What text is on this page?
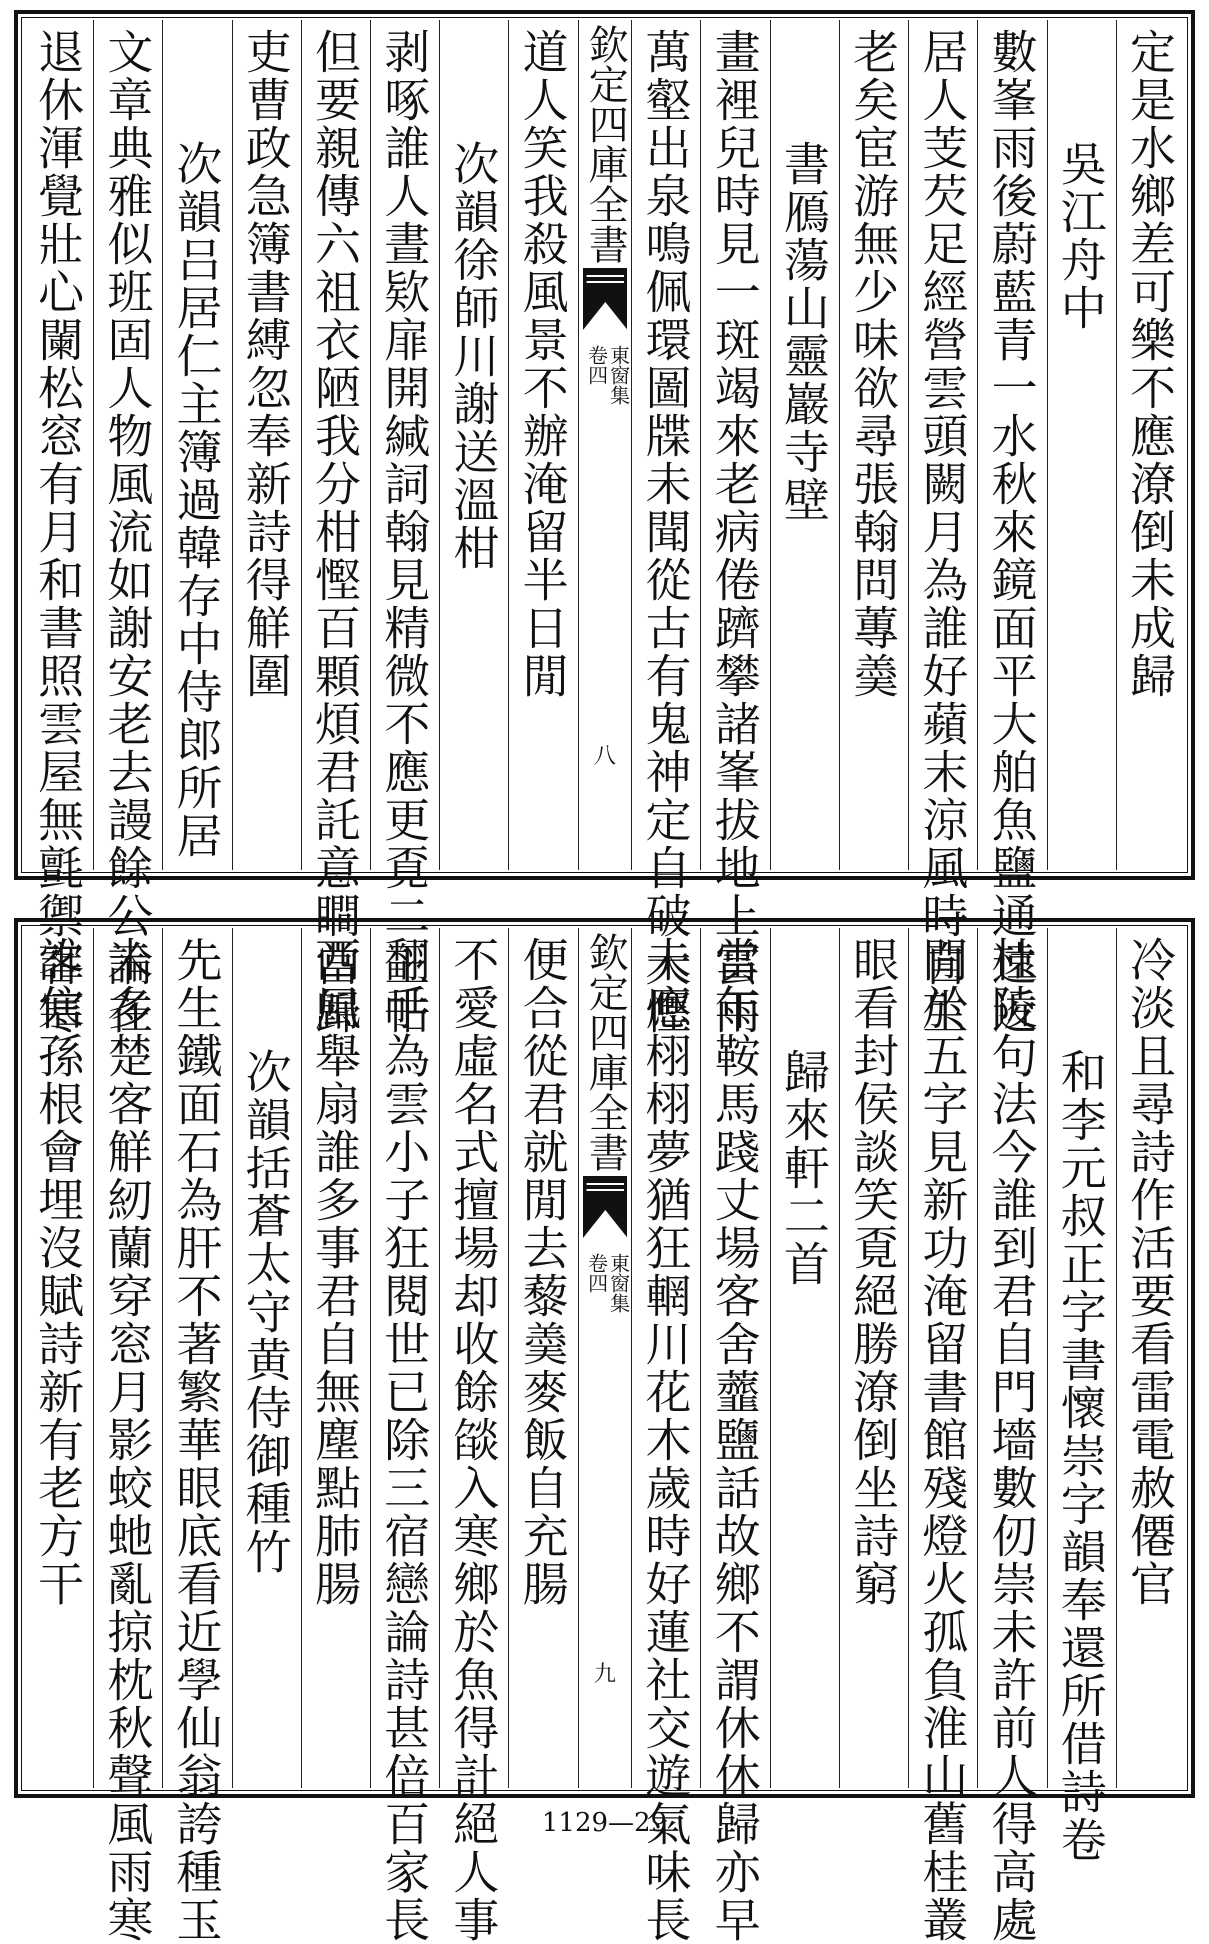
定是水鄉差可樂不應潦倒未成歸
吳江舟中
數峯雨後蔚藍青一水秋來鏡面平大舶魚鹽通遠近
居人芰芡足經營雲頭闕月為誰好蘋末涼風時自生
老矣宦游無少味欲尋張翰問蓴羮
書鴈蕩山靈巖寺壁
畫裡兒時見一斑竭來老病倦躋攀諸峯拔地上雲雨
萬壑出泉鳴佩環圖牒未聞從古有鬼神定自破天慳
欽定四庫全書
東窗集
卷四
八
道人笑我殺風景不辦淹留半日閒
次韻徐師川謝送溫柑
剥啄誰人晝欵扉開緘詞翰見精微不應更覔二王帖
但要親傳六祖衣陋我分柑慳百顆煩君託意瞷當歸
吏曹政急簿書縛忽奉新詩得觧圍
次韻吕居仁主簿過韓存中侍郎所居
文章典雅似班固人物風流如謝安老去謾餘公論在
退休渾覺壯心闌松窓有月和書照雲屋無氈禦客寒
冷淡且尋詩作活要看雷電赦僊官
和李元叔正字書懷崇字韻奉還所借詩卷
杜陵句法今誰到君自門墻數仞崇未許前人得高處
閒於五字見新功淹留書館殘燈火孤負淮山舊桂叢
眼看封侯談笑覔絕勝潦倒坐詩窮
歸來軒二首
當年鞍馬踐丈場客舍虀鹽話故鄉不謂休休歸亦早
未應栩栩夢猶狂輞川花木歲時好蓮社交遊氣味長
欽定四庫全書
東窗集
卷四
九
便合從君就閒去藜羮麥飯自充腸
不愛虛名式擅場却收餘燄入寒鄉於魚得計絕人事
翻手為雲小子狂閱世已除三宿戀論詩甚倍百家長
西風舉扇誰多事君自無塵點肺腸
次韻括蒼太守黄侍御種竹
先生鐵面石為肝不著繁華眼底看近學仙翁誇種玉
未多楚客觧紉蘭穿窓月影蛟虵亂掠枕秋聲風雨寒
誰信孫根會埋沒賦詩新有老方干
1129—29
